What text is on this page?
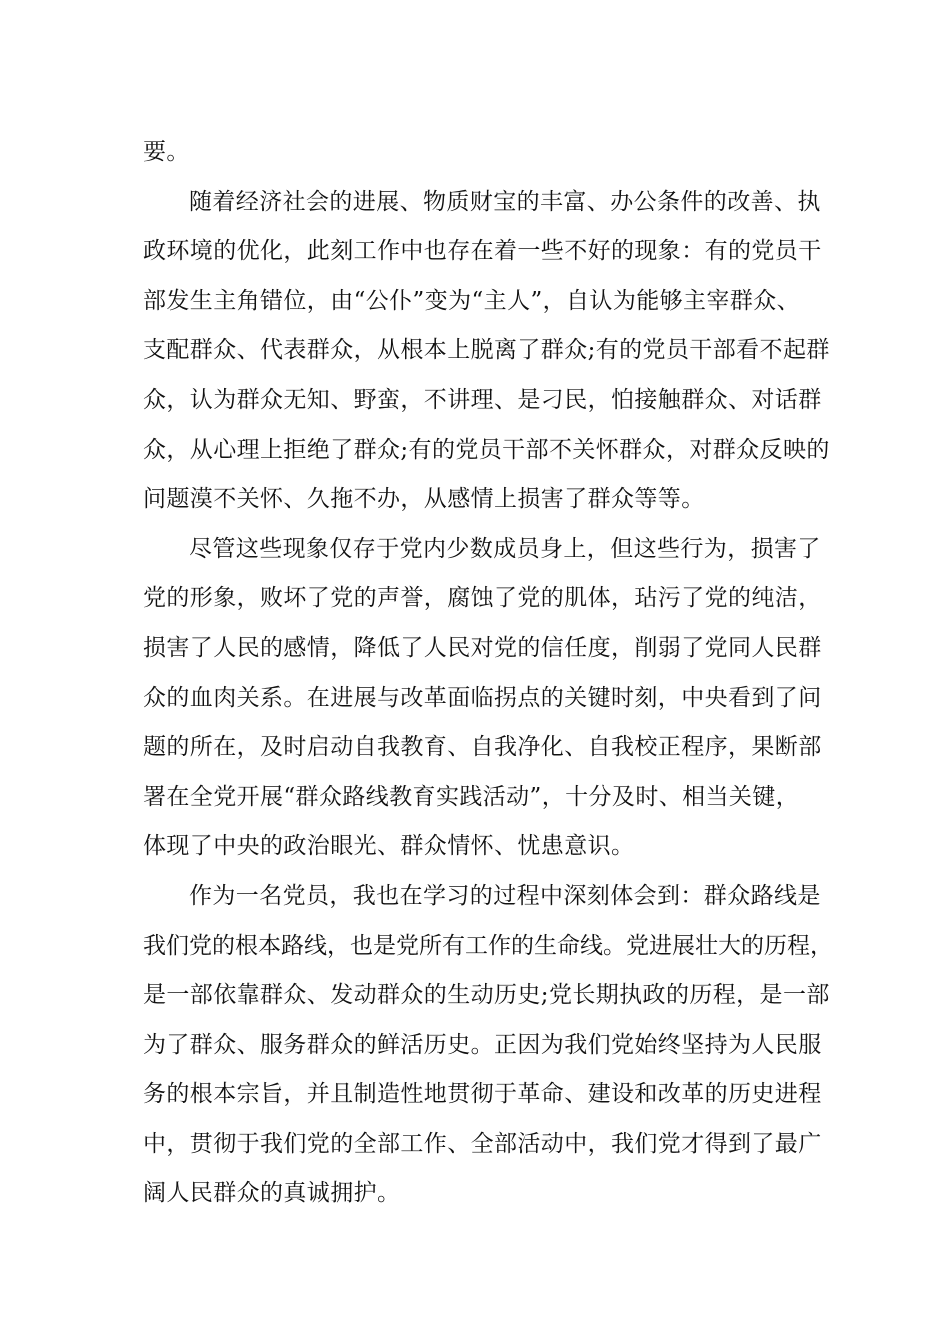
要。
随着经济社会的进展、物质财宝的丰富、办公条件的改善、执
政环境的优化，此刻工作中也存在着一些不好的现象：有的党员干
部发生主角错位，由“公仆”变为“主人”，自认为能够主宰群众、
支配群众、代表群众，从根本上脱离了群众;有的党员干部看不起群
众，认为群众无知、野蛮，不讲理、是刁民，怕接触群众、对话群
众，从心理上拒绝了群众;有的党员干部不关怀群众，对群众反映的
问题漠不关怀、久拖不办，从感情上损害了群众等等。
尽管这些现象仅存于党内少数成员身上，但这些行为，损害了
党的形象，败坏了党的声誉，腐蚀了党的肌体，玷污了党的纯洁，
损害了人民的感情，降低了人民对党的信任度，削弱了党同人民群
众的血肉关系。在进展与改革面临拐点的关键时刻，中央看到了问
题的所在，及时启动自我教育、自我净化、自我校正程序，果断部
署在全党开展“群众路线教育实践活动”，十分及时、相当关键，
体现了中央的政治眼光、群众情怀、忧患意识。
作为一名党员，我也在学习的过程中深刻体会到：群众路线是
我们党的根本路线，也是党所有工作的生命线。党进展壮大的历程，
是一部依靠群众、发动群众的生动历史;党长期执政的历程，是一部
为了群众、服务群众的鲜活历史。正因为我们党始终坚持为人民服
务的根本宗旨，并且制造性地贯彻于革命、建设和改革的历史进程
中，贯彻于我们党的全部工作、全部活动中，我们党才得到了最广
阔人民群众的真诚拥护。
